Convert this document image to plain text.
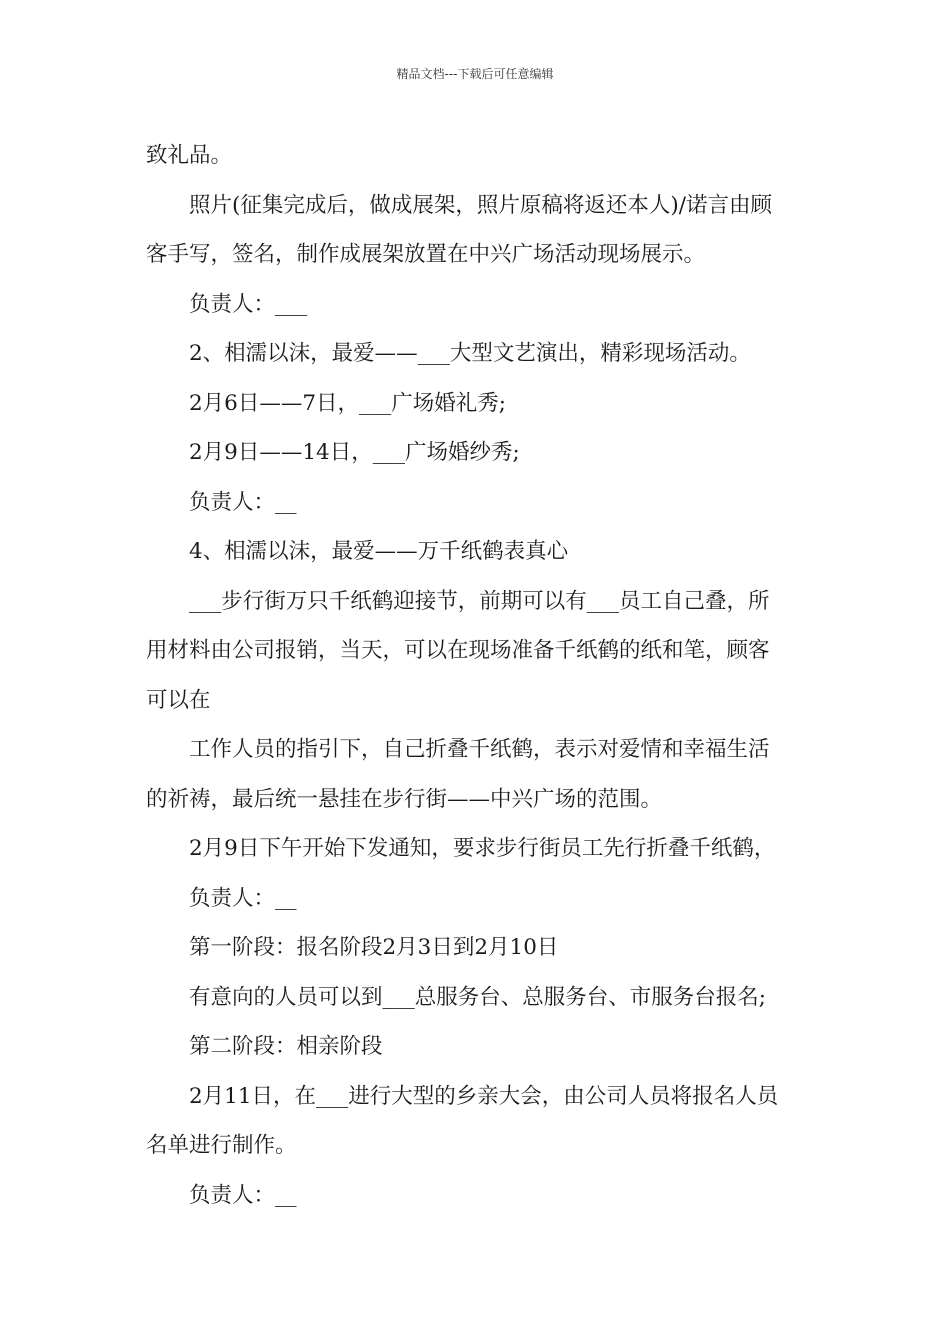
精品文档---下载后可任意编辑

致礼品。

照片(征集完成后，做成展架，照片原稿将返还本人)/诺言由顾

客手写，签名，制作成展架放置在中兴广场活动现场展示。

负责人：___

2、相濡以沫，最爱——___大型文艺演出，精彩现场活动。

2月6日——7日，___广场婚礼秀;

2月9日——14日，___广场婚纱秀;

负责人：__

4、相濡以沫，最爱——万千纸鹤表真心

___步行街万只千纸鹤迎接节，前期可以有___员工自己叠，所

用材料由公司报销，当天，可以在现场准备千纸鹤的纸和笔，顾客

可以在

工作人员的指引下，自己折叠千纸鹤，表示对爱情和幸福生活

的祈祷，最后统一悬挂在步行街——中兴广场的范围。

2月9日下午开始下发通知，要求步行街员工先行折叠千纸鹤，

负责人：__

第一阶段：报名阶段2月3日到2月10日

有意向的人员可以到___总服务台、总服务台、市服务台报名;

第二阶段：相亲阶段

2月11日，在___进行大型的乡亲大会，由公司人员将报名人员

名单进行制作。

负责人：__
